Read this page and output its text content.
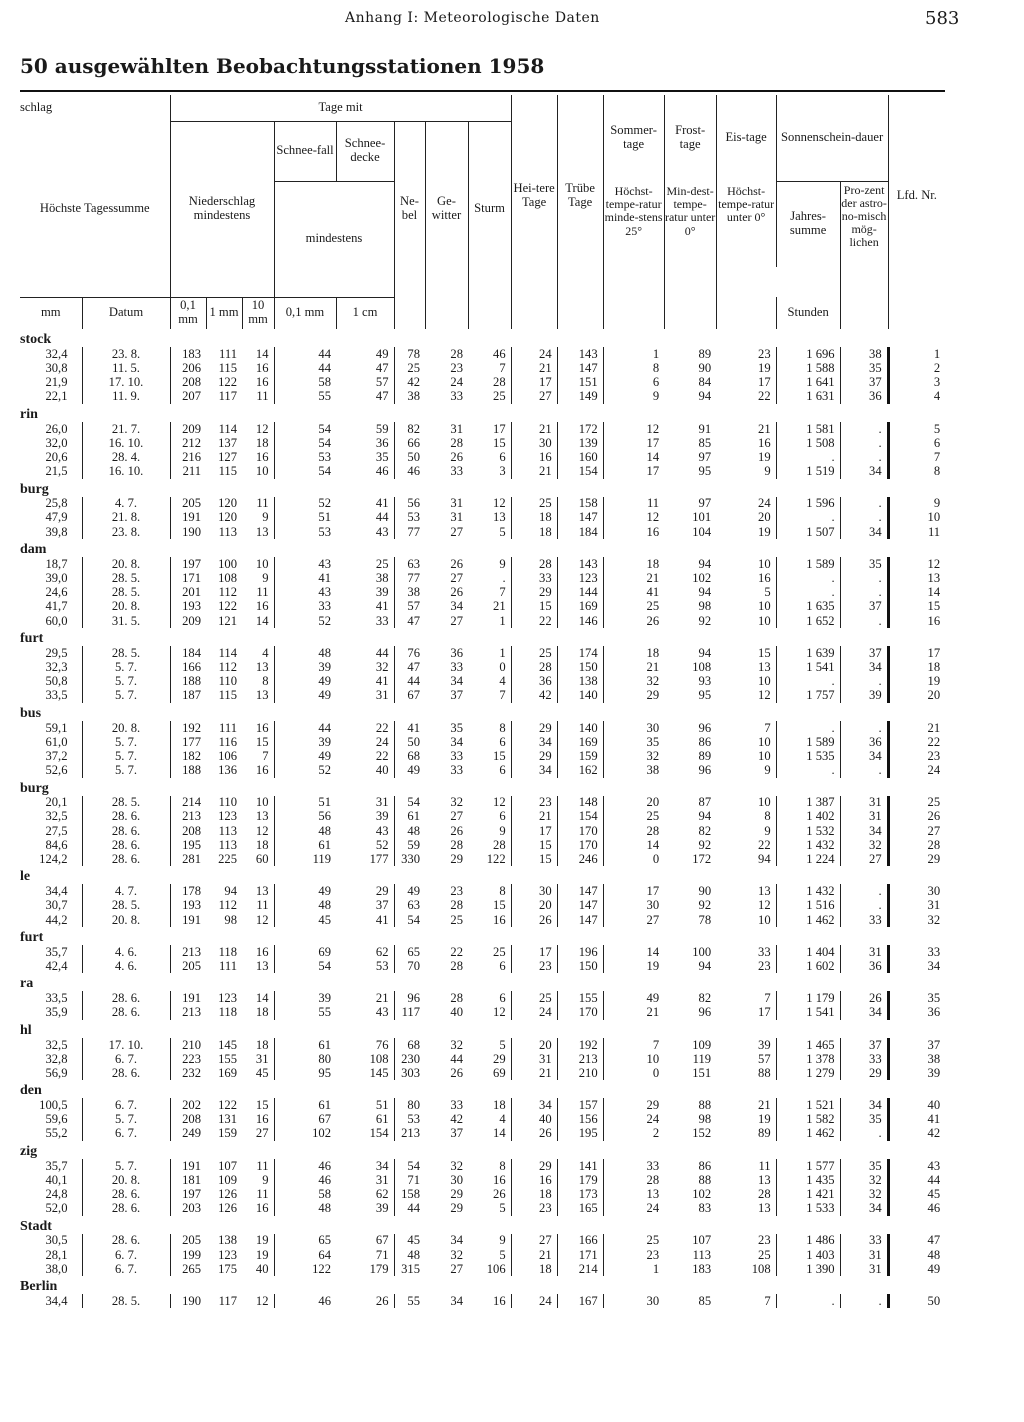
Anhang I: Meteorologische Daten	583
50 ausgewählten Beobachtungsstationen 1958
schlag		Tage mit								Hei-tere Tage	Trübe Tage	Sommer-tage	Frost-tage	Eis-tage	Sonnenschein-dauer		Lfd. Nr.
Höchste Tagessumme		Niederschlag mindestens			Schnee-fall	Schnee-decke	Ne-bel	Ge-witter	Sturm								
					mindestens							Höchst-tempe-ratur minde-stens 25°	Min-dest-tempe-ratur unter 0°	Höchst-tempe-ratur unter 0°	Jahres-summe	Pro-zent der astro-no-misch mög-lichen	

mm	Datum	0,1 mm	1 mm	10 mm	0,1 mm	1 cm									Stunden		
stock																	
32,4	23. 8.	183	111	14	44	49	78	28	46	24	143	1	89	23	1 696	38	1
30,8	11. 5.	206	115	16	44	47	25	23	7	21	147	8	90	19	1 588	35	2
21,9	17. 10.	208	122	16	58	57	42	24	28	17	151	6	84	17	1 641	37	3
22,1	11. 9.	207	117	11	55	47	38	33	25	27	149	9	94	22	1 631	36	4
rin																	
26,0	21. 7.	209	114	12	54	59	82	31	17	21	172	12	91	21	1 581	.	5
32,0	16. 10.	212	137	18	54	36	66	28	15	30	139	17	85	16	1 508	.	6
20,6	28. 4.	216	127	16	53	35	50	26	6	16	160	14	97	19	.	.	7
21,5	16. 10.	211	115	10	54	46	46	33	3	21	154	17	95	9	1 519	34	8
burg																	
25,8	4. 7.	205	120	11	52	41	56	31	12	25	158	11	97	24	1 596	.	9
47,9	21. 8.	191	120	9	51	44	53	31	13	18	147	12	101	20	.	.	10
39,8	23. 8.	190	113	13	53	43	77	27	5	18	184	16	104	19	1 507	34	11
dam																	
18,7	20. 8.	197	100	10	43	25	63	26	9	28	143	18	94	10	1 589	35	12
39,0	28. 5.	171	108	9	41	38	77	27	.	33	123	21	102	16	.	.	13
24,6	28. 5.	201	112	11	43	39	38	26	7	29	144	41	94	5	.	.	14
41,7	20. 8.	193	122	16	33	41	57	34	21	15	169	25	98	10	1 635	37	15
60,0	31. 5.	209	121	14	52	33	47	27	1	22	146	26	92	10	1 652	.	16
furt																	
29,5	28. 5.	184	114	4	48	44	76	36	1	25	174	18	94	15	1 639	37	17
32,3	5. 7.	166	112	13	39	32	47	33	0	28	150	21	108	13	1 541	34	18
50,8	5. 7.	188	110	8	49	41	44	34	4	36	138	32	93	10	.	.	19
33,5	5. 7.	187	115	13	49	31	67	37	7	42	140	29	95	12	1 757	39	20
bus																	
59,1	20. 8.	192	111	16	44	22	41	35	8	29	140	30	96	7	.	.	21
61,0	5. 7.	177	116	15	39	24	50	34	6	34	169	35	86	10	1 589	36	22
37,2	5. 7.	182	106	7	49	22	68	33	15	29	159	32	89	10	1 535	34	23
52,6	5. 7.	188	136	16	52	40	49	33	6	34	162	38	96	9	.	.	24
burg																	
20,1	28. 5.	214	110	10	51	31	54	32	12	23	148	20	87	10	1 387	31	25
32,5	28. 6.	213	123	13	56	39	61	27	6	21	154	25	94	8	1 402	31	26
27,5	28. 6.	208	113	12	48	43	48	26	9	17	170	28	82	9	1 532	34	27
84,6	28. 6.	195	113	18	61	52	59	28	28	15	170	14	92	22	1 432	32	28
124,2	28. 6.	281	225	60	119	177	330	29	122	15	246	0	172	94	1 224	27	29
le																	
34,4	4. 7.	178	94	13	49	29	49	23	8	30	147	17	90	13	1 432	.	30
30,7	28. 5.	193	112	11	48	37	63	28	15	20	147	30	92	12	1 516	.	31
44,2	20. 8.	191	98	12	45	41	54	25	16	26	147	27	78	10	1 462	33	32
furt																	
35,7	4. 6.	213	118	16	69	62	65	22	25	17	196	14	100	33	1 404	31	33
42,4	4. 6.	205	111	13	54	53	70	28	6	23	150	19	94	23	1 602	36	34
ra																	
33,5	28. 6.	191	123	14	39	21	96	28	6	25	155	49	82	7	1 179	26	35
35,9	28. 6.	213	118	18	55	43	117	40	12	24	170	21	96	17	1 541	34	36
hl																	
32,5	17. 10.	210	145	18	61	76	68	32	5	20	192	7	109	39	1 465	37	37
32,8	6. 7.	223	155	31	80	108	230	44	29	31	213	10	119	57	1 378	33	38
56,9	28. 6.	232	169	45	95	145	303	26	69	21	210	0	151	88	1 279	29	39
den																	
100,5	6. 7.	202	122	15	61	51	80	33	18	34	157	29	88	21	1 521	34	40
59,6	5. 7.	208	131	16	67	61	53	42	4	40	156	24	98	19	1 582	35	41
55,2	6. 7.	249	159	27	102	154	213	37	14	26	195	2	152	89	1 462	.	42
zig																	
35,7	5. 7.	191	107	11	46	34	54	32	8	29	141	33	86	11	1 577	35	43
40,1	20. 8.	181	109	9	46	31	71	30	16	16	179	28	88	13	1 435	32	44
24,8	28. 6.	197	126	11	58	62	158	29	26	18	173	13	102	28	1 421	32	45
52,0	28. 6.	203	126	16	48	39	44	29	5	23	165	24	83	13	1 533	34	46
Stadt																	
30,5	28. 6.	205	138	19	65	67	45	34	9	27	166	25	107	23	1 486	33	47
28,1	6. 7.	199	123	19	64	71	48	32	5	21	171	23	113	25	1 403	31	48
38,0	6. 7.	265	175	40	122	179	315	27	106	18	214	1	183	108	1 390	31	49
Berlin																	
34,4	28. 5.	190	117	12	46	26	55	34	16	24	167	30	85	7	.	.	50
